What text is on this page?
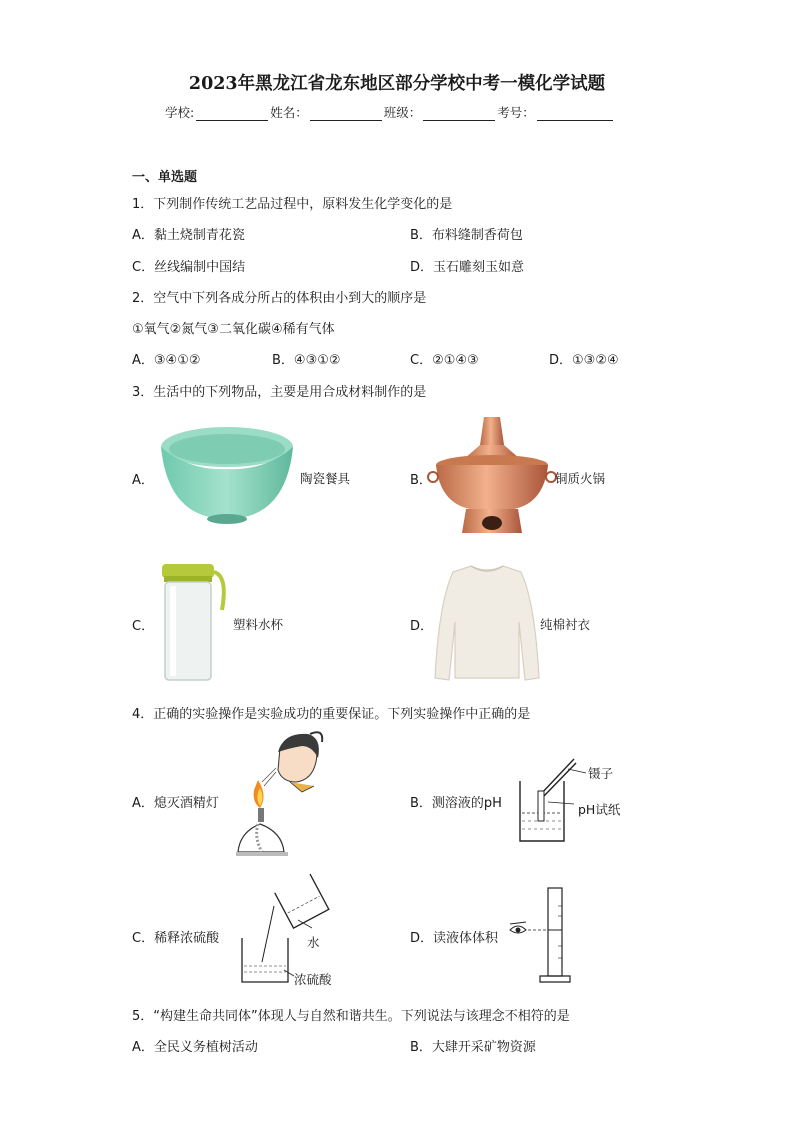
2023年黑龙江省龙东地区部分学校中考一模化学试题
学校:	姓名：	班级：	考号：
一、单选题
1．下列制作传统工艺品过程中，原料发生化学变化的是
A．黏土烧制青花瓷	B．布料缝制香荷包
C．丝线编制中国结	D．玉石雕刻玉如意
2．空气中下列各成分所占的体积由小到大的顺序是
①氧气②氮气③二氧化碳④稀有气体
A．③④①②	B．④③①②	C．②①④③	D．①③②④
3．生活中的下列物品，主要是用合成材料制作的是
A．	陶瓷餐具	B．	铜质火锅
C．	塑料水杯	D．	纯棉衬衣
4．正确的实验操作是实验成功的重要保证。下列实验操作中正确的是
A．熄灭酒精灯	B．测溶液的pH
镊子
pH试纸
C．稀释浓硫酸	水
浓硫酸
D．读液体体积
5．“构建生命共同体”体现人与自然和谐共生。下列说法与该理念不相符的是
A．全民义务植树活动	B．大肆开采矿物资源
